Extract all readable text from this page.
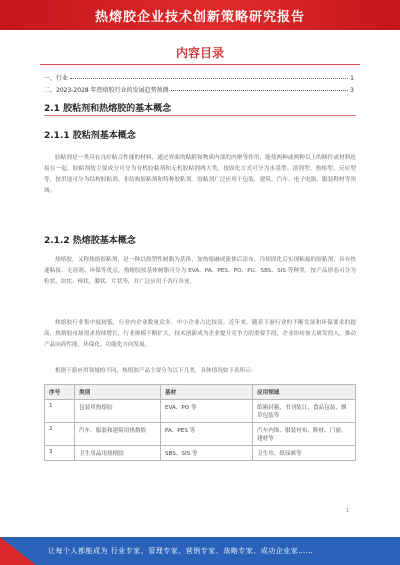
热熔胶企业技术创新策略研究报告
内容目录
一、行业	1
二、2023-2028 年热熔胶行业的发展趋势预测	3
2.1 胶粘剂和热熔胶的基本概念
2.1.1 胶粘剂基本概念
胶粘剂是一类具有良好粘合性能的材料，通过界面的粘附和物质内部的内聚等作用，能使两种或两种以上的制件或材料连接在一起。胶粘剂按主要成分可分为有机胶粘剂和无机胶粘剂两大类，按固化方式可分为水基型、溶剂型、热熔型、反应型等，按用途可分为结构胶粘剂、非结构胶粘剂和特种胶粘剂。胶粘剂广泛应用于包装、建筑、汽车、电子电器、服装鞋材等领域。
2.1.2 热熔胶基本概念
热熔胶，又称热熔胶粘剂，是一种以热塑性树脂为基体，加热熔融成流体后涂布，冷却固化后实现粘接的胶粘剂，具有快速粘接、无溶剂、环保等优点。热熔胶按基体树脂可分为 EVA、PA、PES、PO、PU、SBS、SIS 等种类，按产品形态可分为粒状、块状、棒状、膜状、片状等，并广泛应用于各行各业。
热熔胶行业集中度较低，行业内企业数量众多，中小企业占比较高。近年来，随着下游行业的不断发展和环保要求的提高，热熔胶市场需求持续增长，行业规模不断扩大，技术创新成为企业提升竞争力的重要手段，企业纷纷加大研发投入，推动产品向高性能、环保化、功能化方向发展。
根据下游应用领域的不同，热熔胶产品主要分为以下几类，具体情况如下表所示：
序号	类别	基材	应用领域
1	包装用热熔胶	EVA、PO 等	纸箱封箱、书刊装订、食品包装、烟草包装等
2	汽车、服装和建筑用热熔胶	PA、PES 等	汽车内饰、服装衬布、鞋材、门窗、建材等
3	卫生用品用热熔胶	SBS、SIS 等	卫生巾、纸尿裤等
1
让每个人都能成为 行业专家、管理专家、营销专家、战略专家、成功企业家……
